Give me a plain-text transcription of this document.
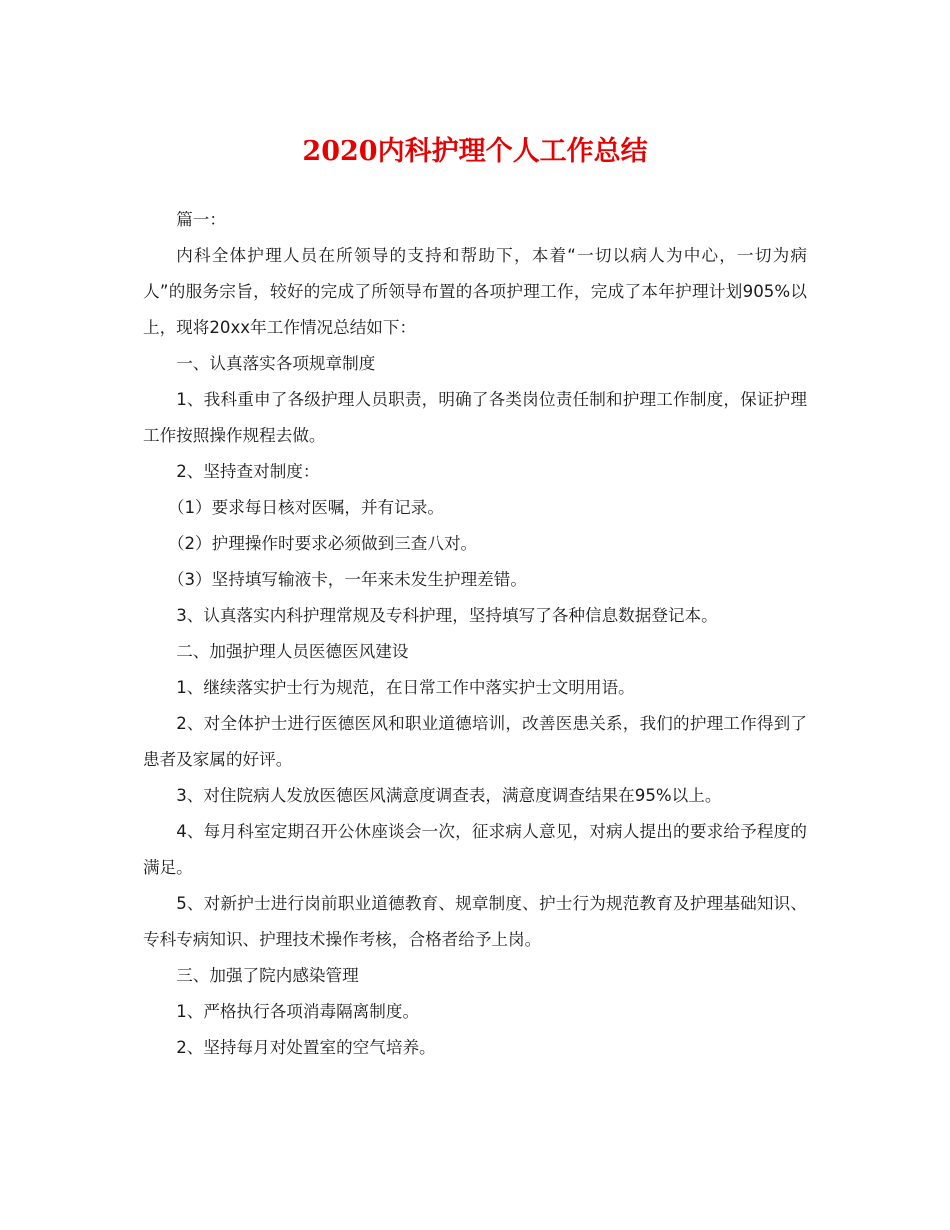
2020内科护理个人工作总结

篇一：

内科全体护理人员在所领导的支持和帮助下，本着“一切以病人为中心，一切为病人”的服务宗旨，较好的完成了所领导布置的各项护理工作，完成了本年护理计划905%以上，现将20xx年工作情况总结如下：

一、认真落实各项规章制度

1、我科重申了各级护理人员职责，明确了各类岗位责任制和护理工作制度，保证护理工作按照操作规程去做。

2、坚持查对制度：

（1）要求每日核对医嘱，并有记录。

（2）护理操作时要求必须做到三查八对。

（3）坚持填写输液卡，一年来未发生护理差错。

3、认真落实内科护理常规及专科护理，坚持填写了各种信息数据登记本。

二、加强护理人员医德医风建设

1、继续落实护士行为规范，在日常工作中落实护士文明用语。

2、对全体护士进行医德医风和职业道德培训，改善医患关系，我们的护理工作得到了患者及家属的好评。

3、对住院病人发放医德医风满意度调查表，满意度调查结果在95%以上。

4、每月科室定期召开公休座谈会一次，征求病人意见，对病人提出的要求给予程度的满足。

5、对新护士进行岗前职业道德教育、规章制度、护士行为规范教育及护理基础知识、专科专病知识、护理技术操作考核，合格者给予上岗。

三、加强了院内感染管理

1、严格执行各项消毒隔离制度。

2、坚持每月对处置室的空气培养。
